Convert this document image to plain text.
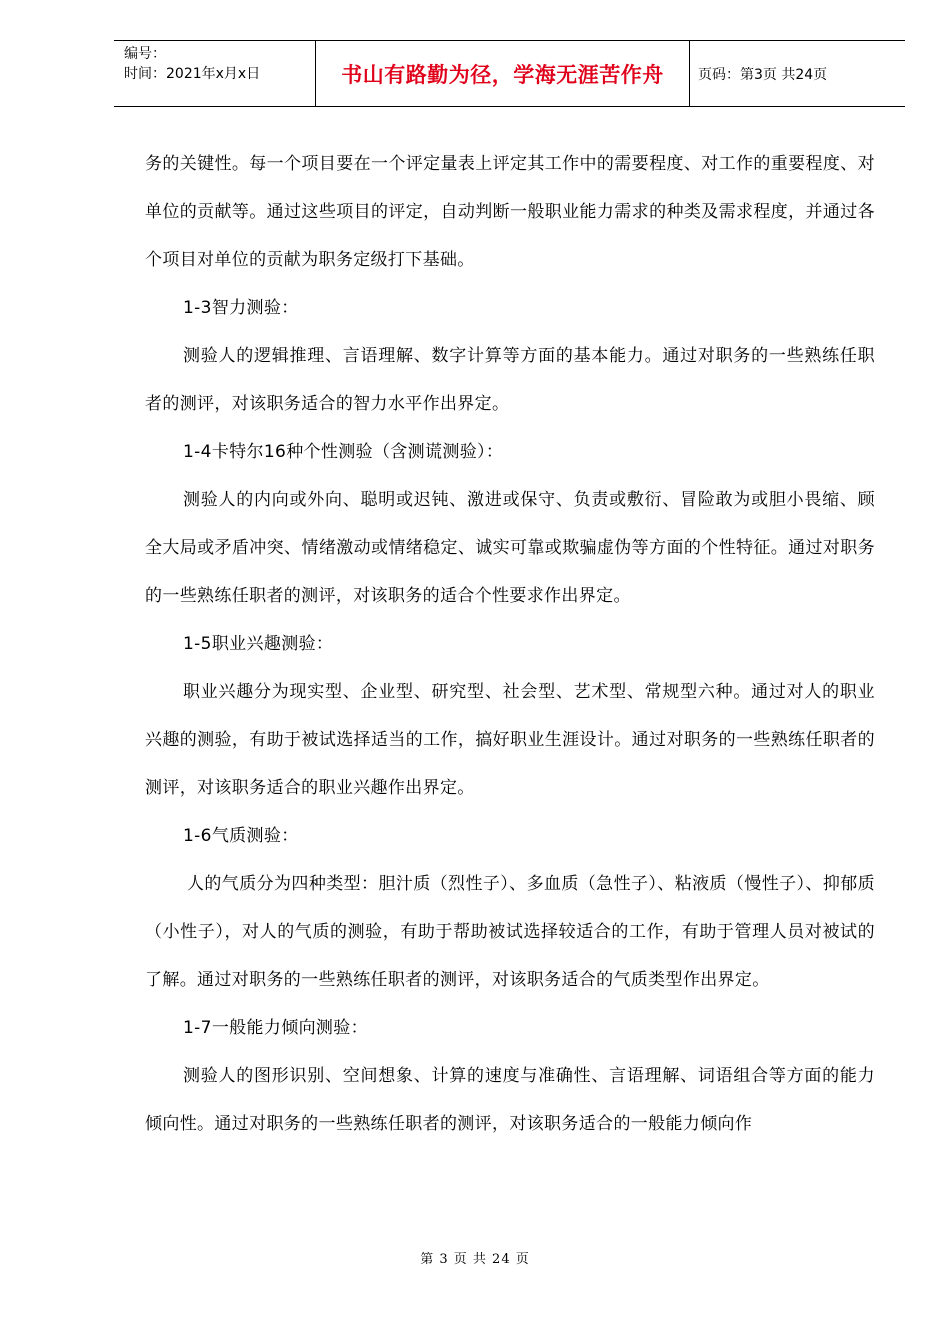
编号：
时间：2021年x月x日	书山有路勤为径，学海无涯苦作舟 页码：第3页 共24页

务的关键性。每一个项目要在一个评定量表上评定其工作中的需要程度、对工作的重要程度、对单位的贡献等。通过这些项目的评定，自动判断一般职业能力需求的种类及需求程度，并通过各个项目对单位的贡献为职务定级打下基础。

1-3智力测验：

测验人的逻辑推理、言语理解、数字计算等方面的基本能力。通过对职务的一些熟练任职者的测评，对该职务适合的智力水平作出界定。

1-4卡特尔16种个性测验（含测谎测验）：

测验人的内向或外向、聪明或迟钝、激进或保守、负责或敷衍、冒险敢为或胆小畏缩、顾全大局或矛盾冲突、情绪激动或情绪稳定、诚实可靠或欺骗虚伪等方面的个性特征。通过对职务的一些熟练任职者的测评，对该职务的适合个性要求作出界定。

1-5职业兴趣测验：

职业兴趣分为现实型、企业型、研究型、社会型、艺术型、常规型六种。通过对人的职业兴趣的测验，有助于被试选择适当的工作，搞好职业生涯设计。通过对职务的一些熟练任职者的测评，对该职务适合的职业兴趣作出界定。

1-6气质测验：

人的气质分为四种类型：胆汁质（烈性子）、多血质（急性子）、粘液质（慢性子）、抑郁质（小性子），对人的气质的测验，有助于帮助被试选择较适合的工作，有助于管理人员对被试的了解。通过对职务的一些熟练任职者的测评，对该职务适合的气质类型作出界定。

1-7一般能力倾向测验：

测验人的图形识别、空间想象、计算的速度与准确性、言语理解、词语组合等方面的能力倾向性。通过对职务的一些熟练任职者的测评，对该职务适合的一般能力倾向作

第 3 页 共 24 页
